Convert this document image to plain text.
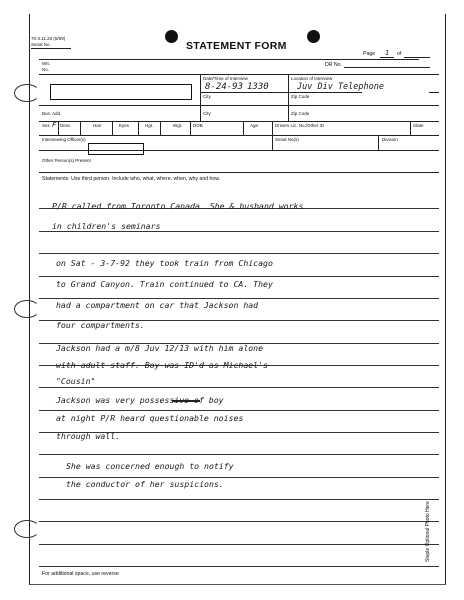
70-3.11.20 (6/89)
Serial No.	STATEMENT FORM
Page 1 of
DR No.
WIt.
No.
Date/Time of Interview
8-24-93 1330
Location of Interview
Juv Div Telephone
City	Zip Code
Bus. Add.	City	Zip Code
Sex F Desc.	Hair	Eyes	Hgt.	Wgt. DOB	Age	Drivers Lic. No./Other ID	State
Interviewing Officer(s)	Serial No(s)	Division
Other Person(s) Present
Statements: Use third person. Include who, what, where, when, why and how.
P/R called from Toronto Canada. She & husband works
in children's seminars
on Sat - 3-7-92 they took train from Chicago
to Grand Canyon. Train continued to CA. They
had a compartment on car that Jackson had
four compartments.
Jackson had a m/8 Juv 12/13 with him alone
with adult staff. Boy was ID'd as Michael's
"Cousin"
Jackson was very possessive of boy
at night P/R heard questionable noises
through wall.
She was concerned enough to notify
the conductor of her suspicions.
Staple Optional Photo Here
For additional space, use reverse
